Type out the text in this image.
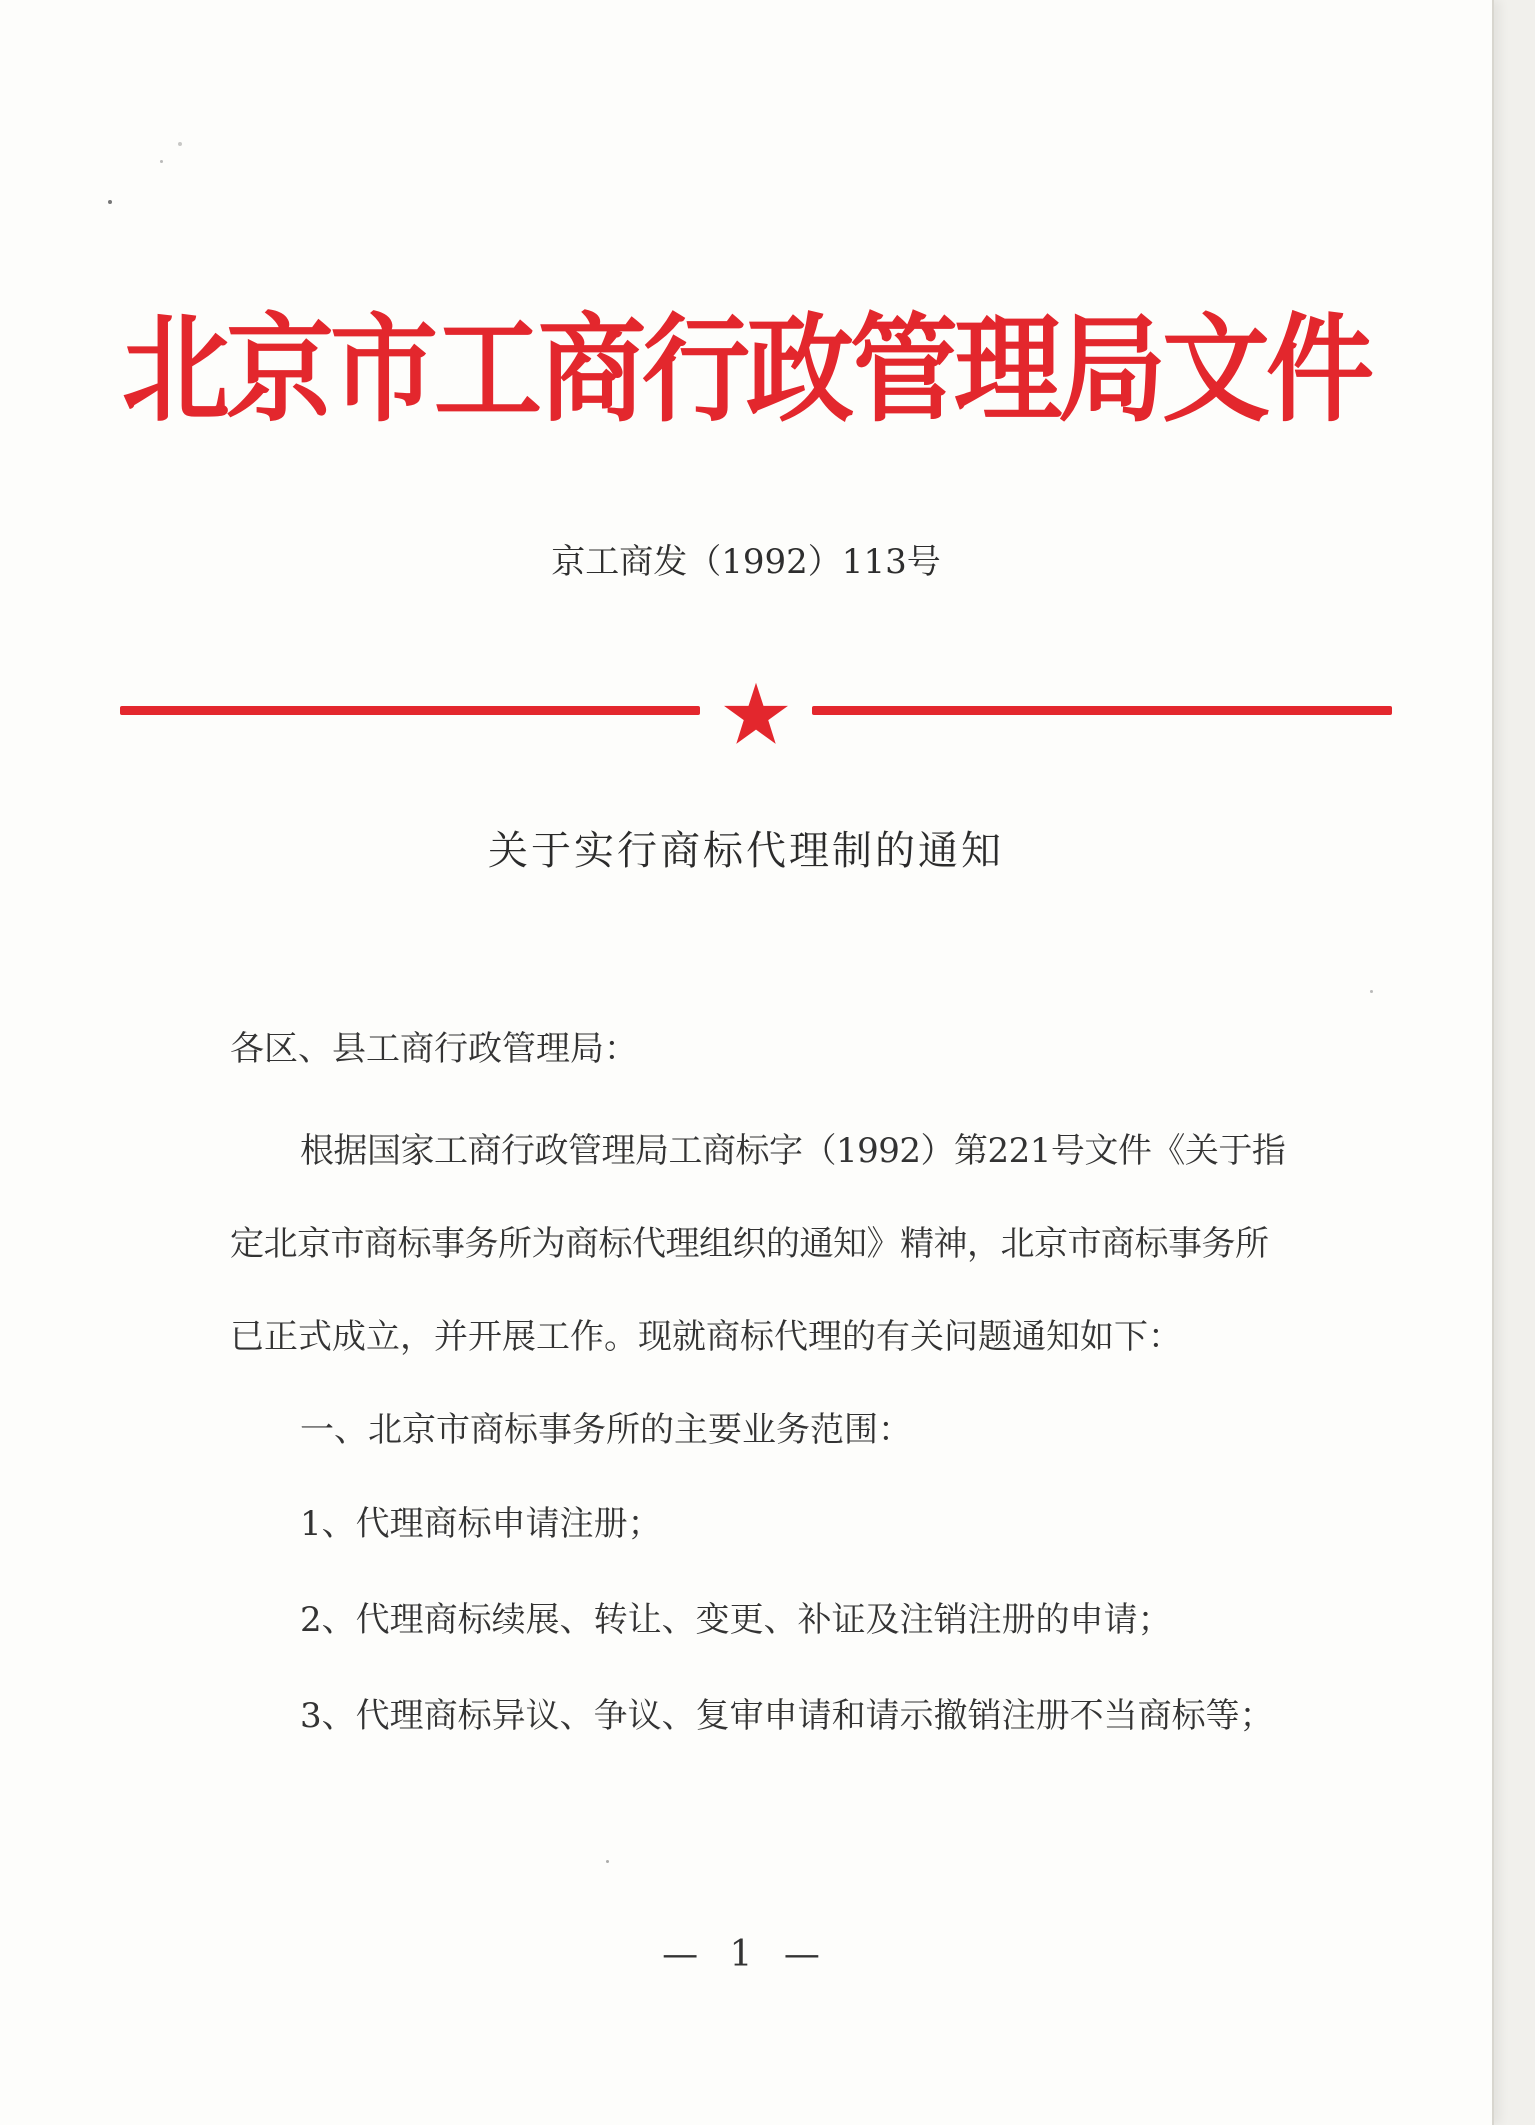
北京市工商行政管理局文件
京工商发（1992）113号
关于实行商标代理制的通知
各区、县工商行政管理局：
根据国家工商行政管理局工商标字（1992）第221号文件《关于指
定北京市商标事务所为商标代理组织的通知》精神，北京市商标事务所
已正式成立，并开展工作。现就商标代理的有关问题通知如下：
一、北京市商标事务所的主要业务范围：
1、代理商标申请注册；
2、代理商标续展、转让、变更、补证及注销注册的申请；
3、代理商标异议、争议、复审申请和请示撤销注册不当商标等；
— 1 —
